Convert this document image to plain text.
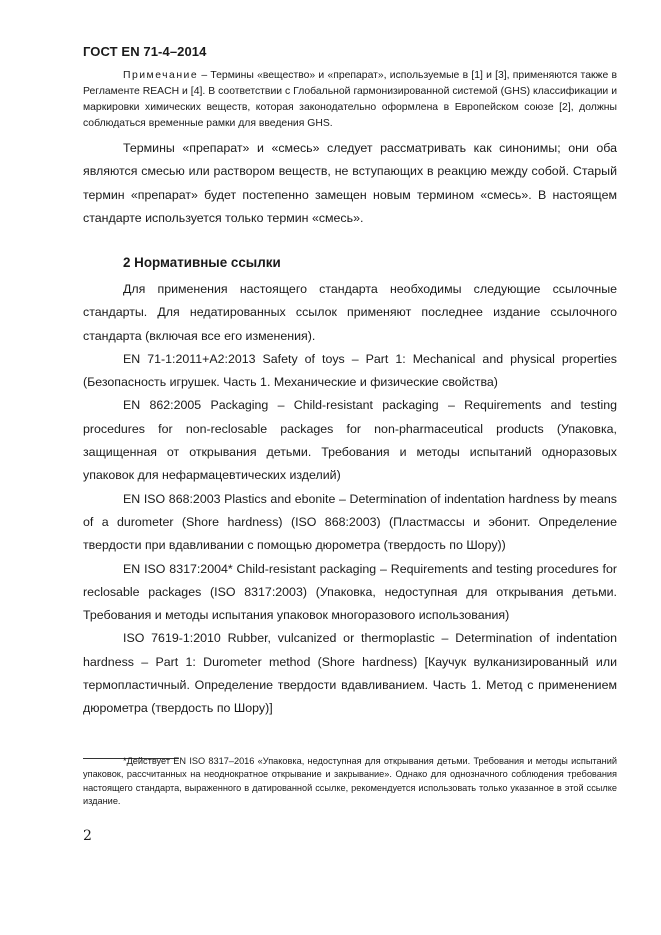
ГОСТ EN 71-4–2014

Примечание – Термины «вещество» и «препарат», используемые в [1] и [3], применяются также в Регламенте REACH и [4]. В соответствии с Глобальной гармонизированной системой (GHS) классификации и маркировки химических веществ, которая законодательно оформлена в Европейском союзе [2], должны соблюдаться временные рамки для введения GHS.

Термины «препарат» и «смесь» следует рассматривать как синонимы; они оба являются смесью или раствором веществ, не вступающих в реакцию между собой. Старый термин «препарат» будет постепенно замещен новым термином «смесь». В настоящем стандарте используется только термин «смесь».

2 Нормативные ссылки

Для применения настоящего стандарта необходимы следующие ссылочные стандарты. Для недатированных ссылок применяют последнее издание ссылочного стандарта (включая все его изменения).

EN 71-1:2011+A2:2013 Safety of toys – Part 1: Mechanical and physical properties (Безопасность игрушек. Часть 1. Механические и физические свойства)

EN 862:2005 Packaging – Child-resistant packaging – Requirements and testing procedures for non-reclosable packages for non-pharmaceutical products (Упаковка, защищенная от открывания детьми. Требования и методы испытаний одноразовых упаковок для нефармацевтических изделий)

EN ISO 868:2003 Plastics and ebonite – Determination of indentation hardness by means of a durometer (Shore hardness) (ISO 868:2003) (Пластмассы и эбонит. Определение твердости при вдавливании с помощью дюрометра (твердость по Шору))

EN ISO 8317:2004* Child-resistant packaging – Requirements and testing procedures for reclosable packages (ISO 8317:2003) (Упаковка, недоступная для открывания детьми. Требования и методы испытания упаковок многоразового использования)

ISO 7619-1:2010 Rubber, vulcanized or thermoplastic – Determination of indentation hardness – Part 1: Durometer method (Shore hardness) [Каучук вулканизированный или термопластичный. Определение твердости вдавливанием. Часть 1. Метод с применением дюрометра (твердость по Шору)]

*Действует EN ISO 8317–2016 «Упаковка, недоступная для открывания детьми. Требования и методы испытаний упаковок, рассчитанных на неоднократное открывание и закрывание». Однако для однозначного соблюдения требования настоящего стандарта, выраженного в датированной ссылке, рекомендуется использовать только указанное в этой ссылке издание.

2
